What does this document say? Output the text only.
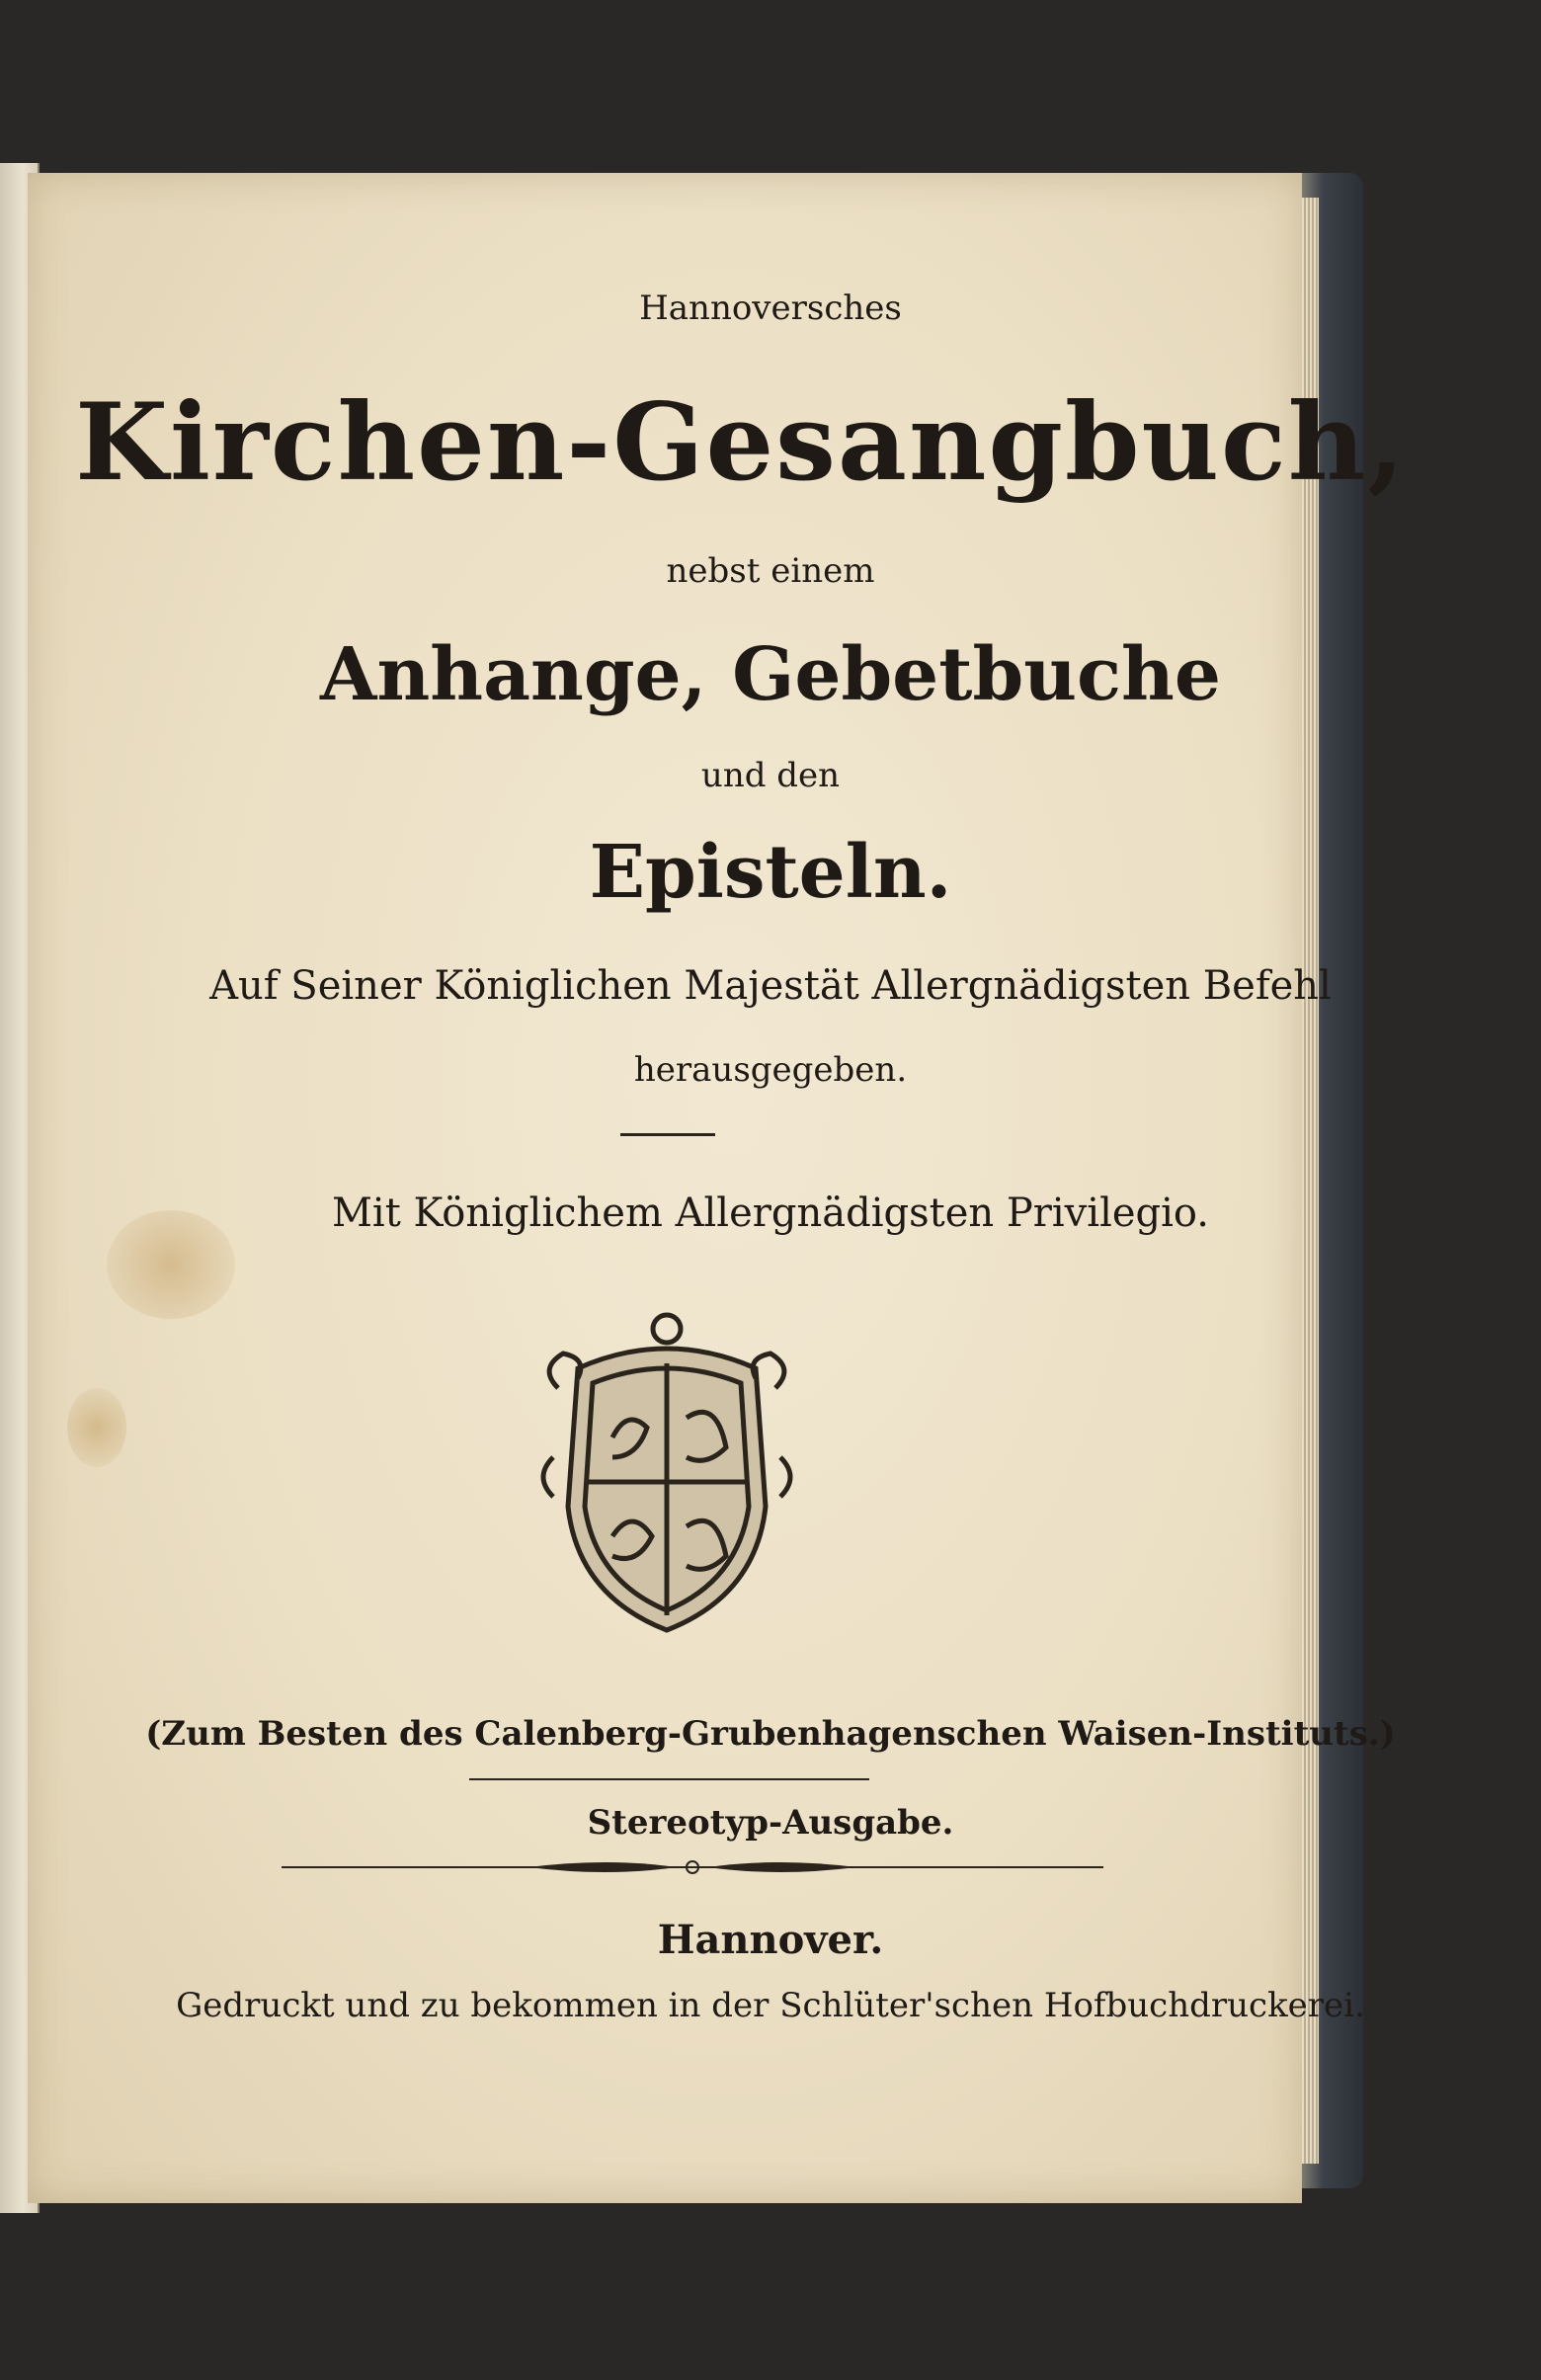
Hannoversches
Kirchen-Gesangbuch,
nebst einem
Anhange, Gebetbuche
und den
Episteln.
Auf Seiner Königlichen Majestät Allergnädigsten Befehl
herausgegeben.
Mit Königlichem Allergnädigsten Privilegio.
(Zum Besten des Calenberg-Grubenhagenschen Waisen-Instituts.)
Stereotyp-Ausgabe.
Hannover.
Gedruckt und zu bekommen in der Schlüter'schen Hofbuchdruckerei.
